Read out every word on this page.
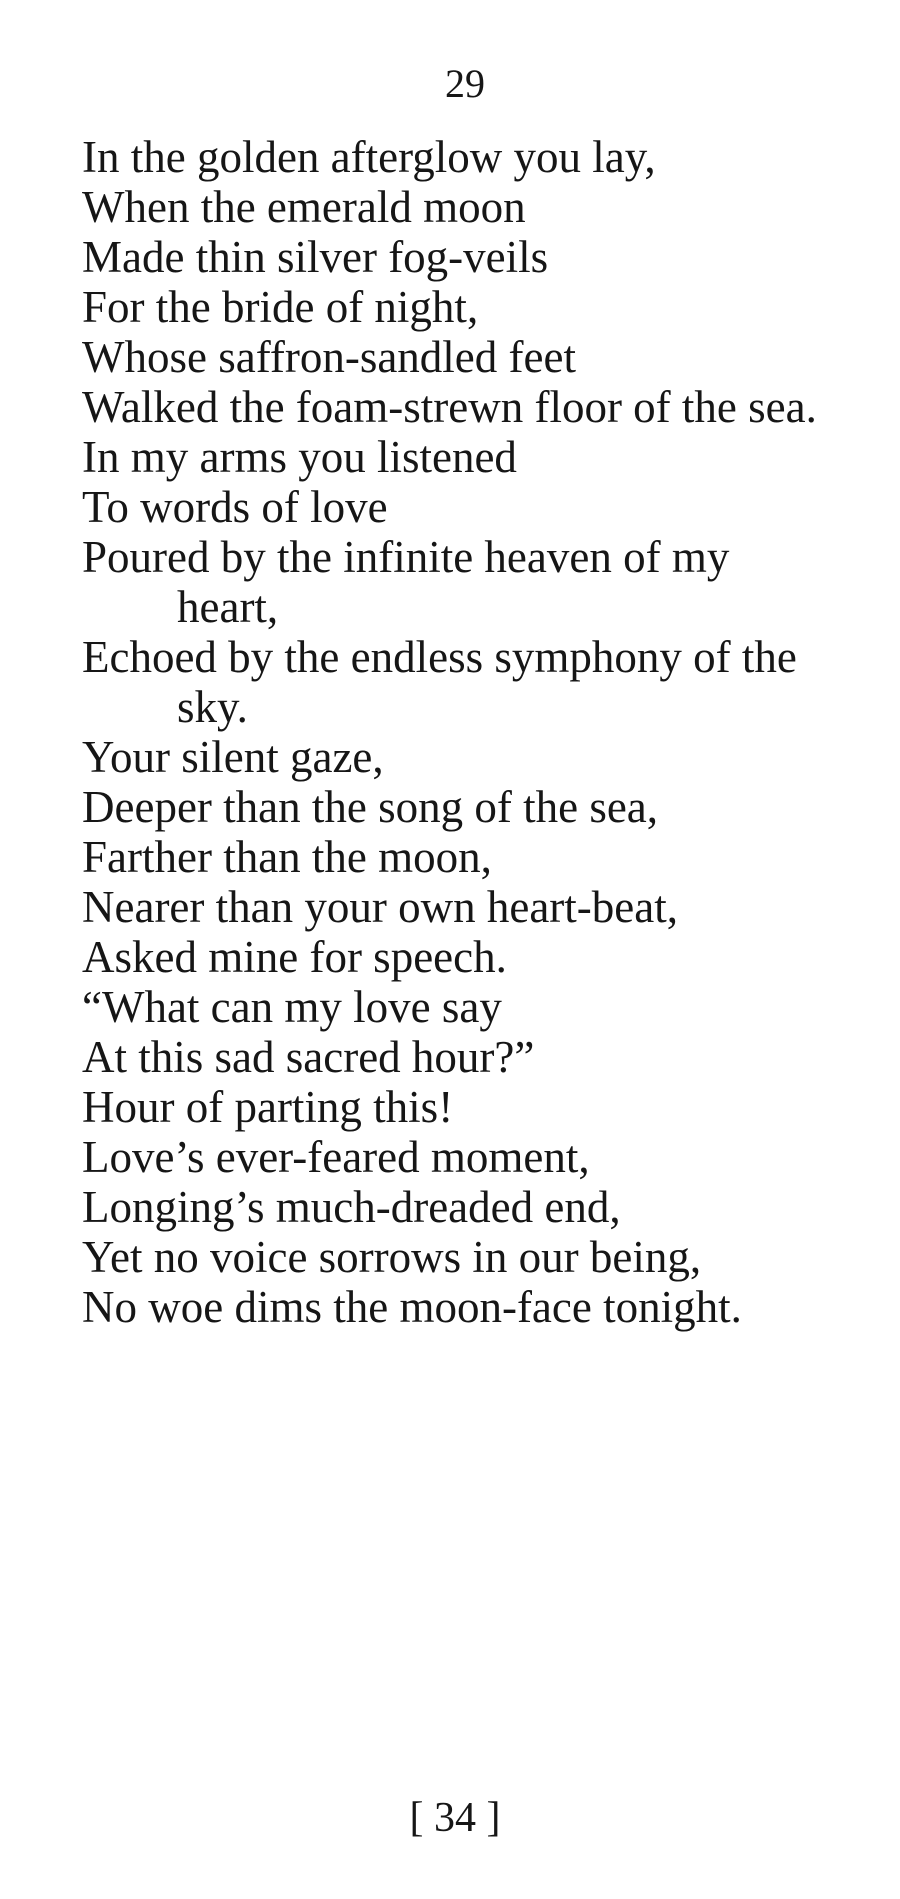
29
In the golden afterglow you lay,
When the emerald moon
Made thin silver fog-veils
For the bride of night,
Whose saffron-sandled feet
Walked the foam-strewn floor of the sea.
In my arms you listened
To words of love
Poured by the infinite heaven of my
heart,
Echoed by the endless symphony of the
sky.
Your silent gaze,
Deeper than the song of the sea,
Farther than the moon,
Nearer than your own heart-beat,
Asked mine for speech.
“What can my love say
At this sad sacred hour?”
Hour of parting this!
Love’s ever-feared moment,
Longing’s much-dreaded end,
Yet no voice sorrows in our being,
No woe dims the moon-face tonight.
[ 34 ]
